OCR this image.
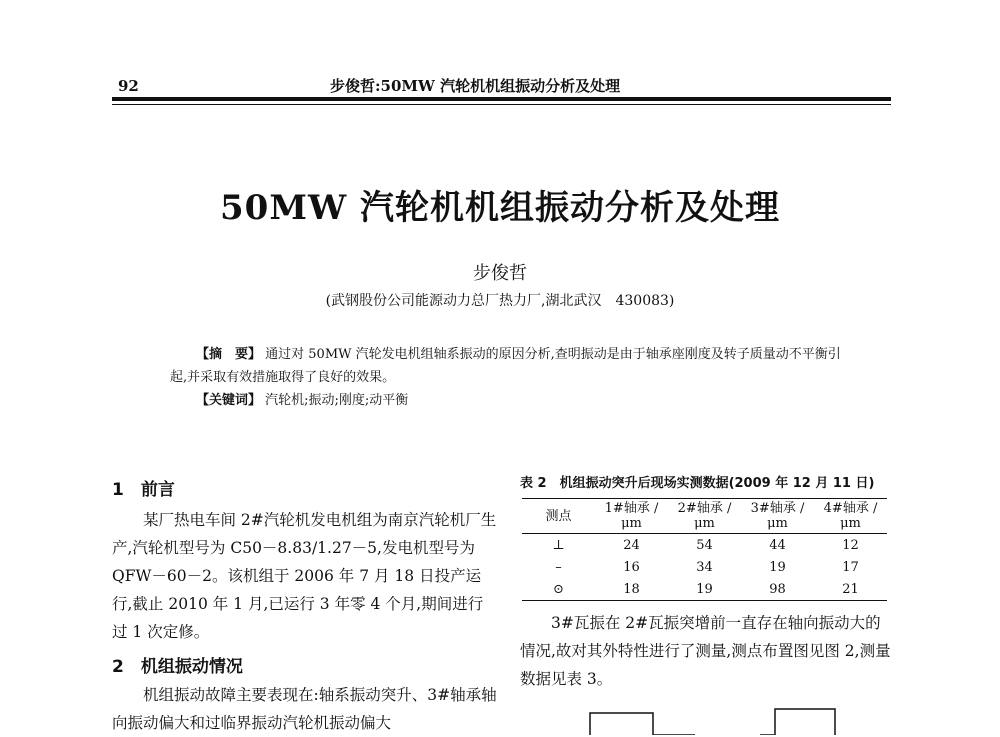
92	步俊哲:50MW 汽轮机机组振动分析及处理
50MW 汽轮机机组振动分析及处理
步俊哲
(武钢股份公司能源动力总厂热力厂,湖北武汉　430083)

【摘　要】 通过对 50MW 汽轮发电机组轴系振动的原因分析,查明振动是由于轴承座刚度及转子质量动不平衡引起,并采取有效措施取得了良好的效果。

【关键词】 汽轮机;振动;刚度;动平衡

1　前言

某厂热电车间 2#汽轮机发电机组为南京汽轮机厂生产,汽轮机型号为 C50－8.83/1.27－5,发电机型号为 QFW－60－2。该机组于 2006 年 7 月 18 日投产运行,截止 2010 年 1 月,已运行 3 年零 4 个月,期间进行过 1 次定修。

2　机组振动情况

机组振动故障主要表现在:轴系振动突升、3#轴承轴向振动偏大和过临界振动汽轮机振动偏大

表 2　机组振动突升后现场实测数据(2009 年 12 月 11 日)
测点	1#轴承 /μm	2#轴承 /μm	3#轴承 /μm	4#轴承 /μm
⊥	24	54	44	12
–	16	34	19	17
⊙	18	19	98	21

3#瓦振在 2#瓦振突增前一直存在轴向振动大的情况,故对其外特性进行了测量,测点布置图见图 2,测量数据见表 3。
